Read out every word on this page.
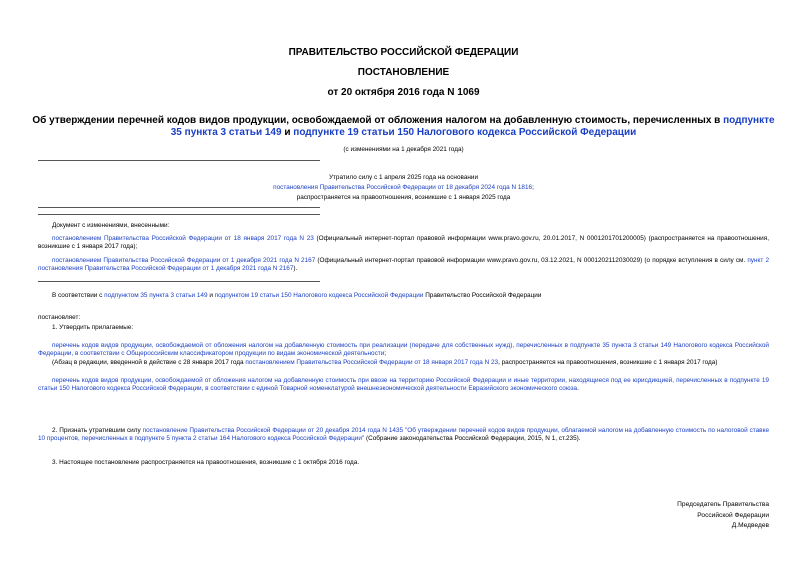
ПРАВИТЕЛЬСТВО РОССИЙСКОЙ ФЕДЕРАЦИИ
ПОСТАНОВЛЕНИЕ
от 20 октября 2016 года N 1069
Об утверждении перечней кодов видов продукции, освобождаемой от обложения налогом на добавленную стоимость, перечисленных в подпункте 35 пункта 3 статьи 149 и подпункте 19 статьи 150 Налогового кодекса Российской Федерации
(с изменениями на 1 декабря 2021 года)
Утратило силу с 1 апреля 2025 года на основании
постановления Правительства Российской Федерации от 18 декабря 2024 года N 1816;
распространяется на правоотношения, возникшие с 1 января 2025 года
Документ с изменениями, внесенными:
постановлением Правительства Российской Федерации от 18 января 2017 года N 23 (Официальный интернет-портал правовой информации www.pravo.gov.ru, 20.01.2017, N 0001201701200005) (распространяется на правоотношения, возникшие с 1 января 2017 года);
постановлением Правительства Российской Федерации от 1 декабря 2021 года N 2167 (Официальный интернет-портал правовой информации www.pravo.gov.ru, 03.12.2021, N 0001202112030029) (о порядке вступления в силу см. пункт 2 постановления Правительства Российской Федерации от 1 декабря 2021 года N 2167).
В соответствии с подпунктом 35 пункта 3 статьи 149 и подпунктом 19 статьи 150 Налогового кодекса Российской Федерации Правительство Российской Федерации
постановляет:
1. Утвердить прилагаемые:
перечень кодов видов продукции, освобождаемой от обложения налогом на добавленную стоимость при реализации (передаче для собственных нужд), перечисленных в подпункте 35 пункта 3 статьи 149 Налогового кодекса Российской Федерации, в соответствии с Общероссийским классификатором продукции по видам экономической деятельности;
(Абзац в редакции, введенной в действие с 28 января 2017 года постановлением Правительства Российской Федерации от 18 января 2017 года N 23, распространяется на правоотношения, возникшие с 1 января 2017 года)
перечень кодов видов продукции, освобождаемой от обложения налогом на добавленную стоимость при ввозе на территорию Российской Федерации и иные территории, находящиеся под ее юрисдикцией, перечисленных в подпункте 19 статьи 150 Налогового кодекса Российской Федерации, в соответствии с единой Товарной номенклатурой внешнеэкономической деятельности Евразийского экономического союза.
2. Признать утратившим силу постановление Правительства Российской Федерации от 20 декабря 2014 года N 1435 "Об утверждении перечней кодов видов продукции, облагаемой налогом на добавленную стоимость по налоговой ставке 10 процентов, перечисленных в подпункте 5 пункта 2 статьи 164 Налогового кодекса Российской Федерации" (Собрание законодательства Российской Федерации, 2015, N 1, ст.235).
3. Настоящее постановление распространяется на правоотношения, возникшие с 1 октября 2016 года.
Председатель Правительства
Российской Федерации
Д.Медведев
